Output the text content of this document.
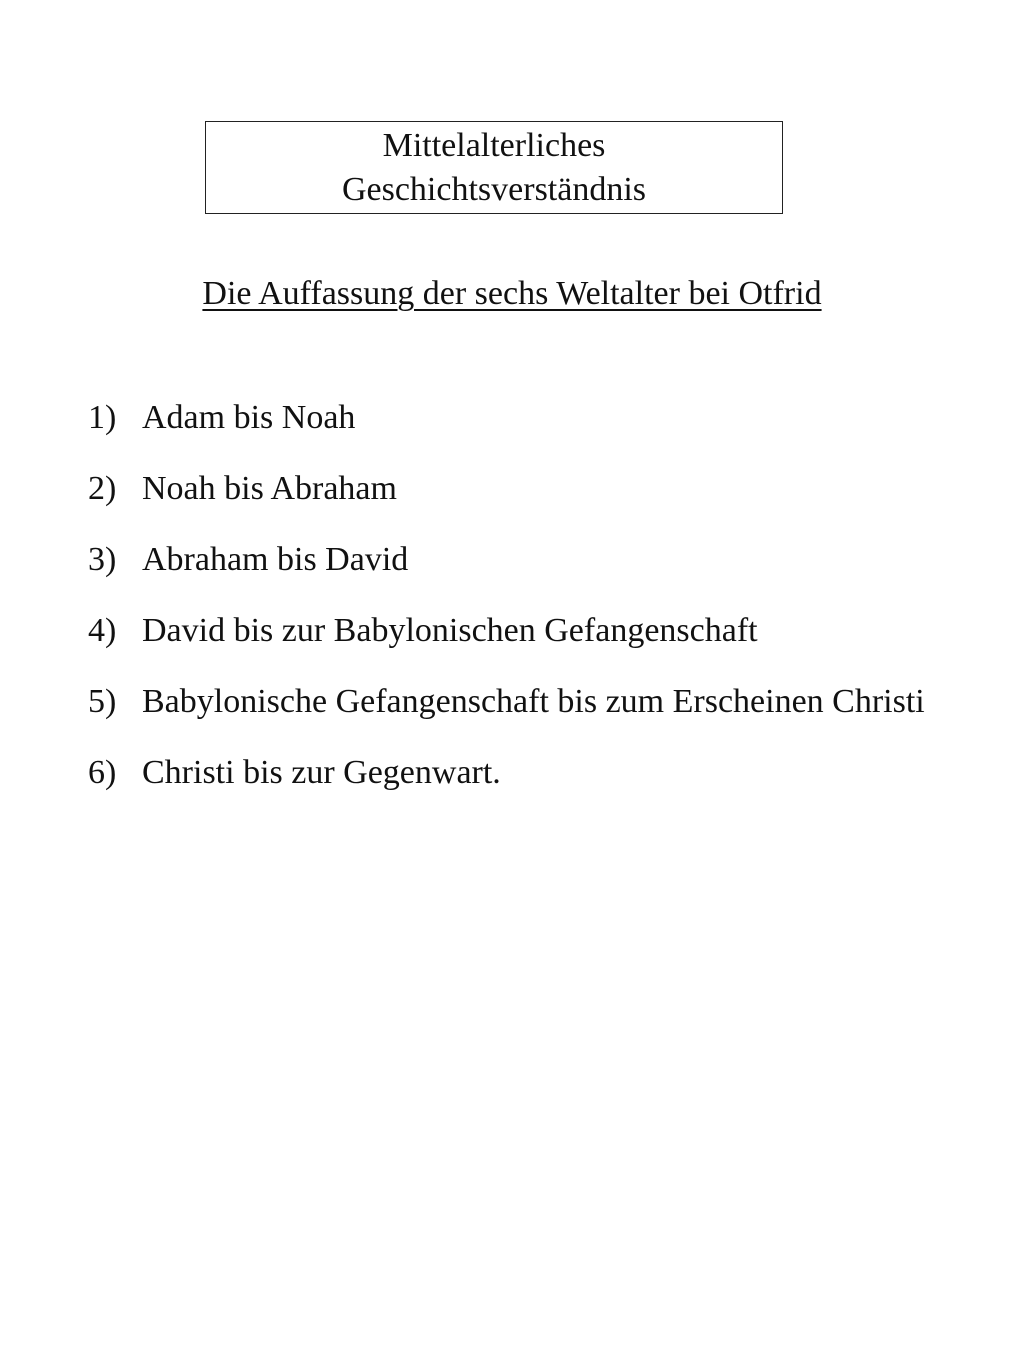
Mittelalterliches
Geschichtsverständnis
Die Auffassung der sechs Weltalter bei Otfrid
1) Adam bis Noah
2) Noah bis Abraham
3) Abraham bis David
4) David bis zur Babylonischen Gefangenschaft
5) Babylonische Gefangenschaft bis zum Erscheinen Christi
6) Christi bis zur Gegenwart.
